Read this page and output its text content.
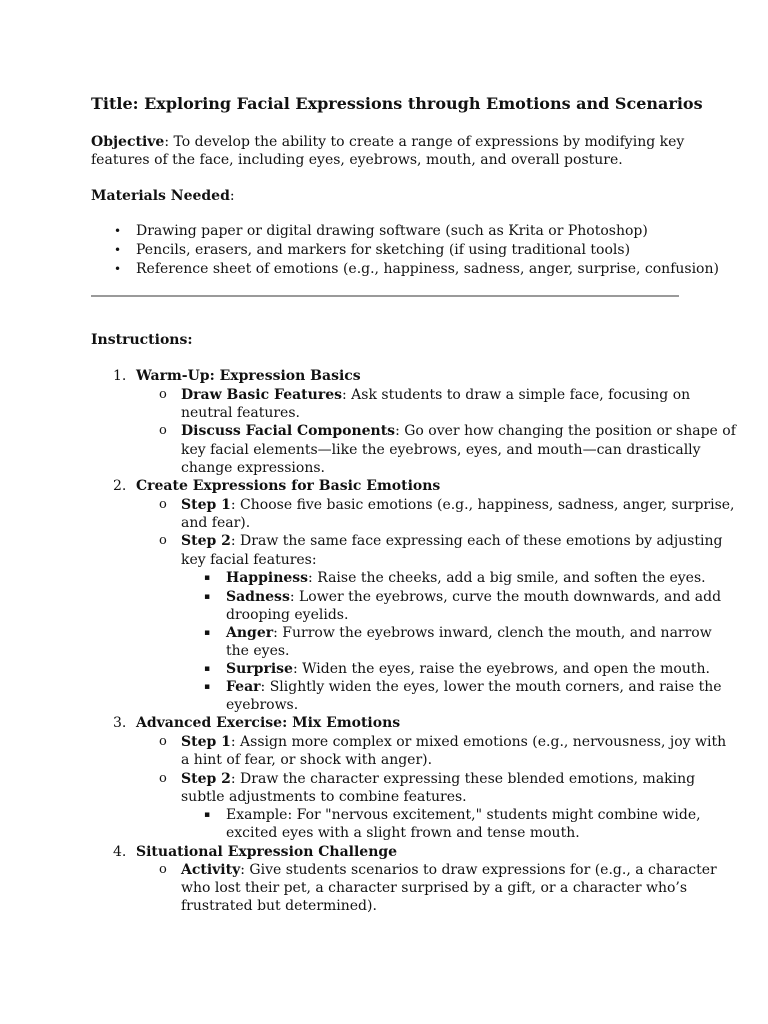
Title: Exploring Facial Expressions through Emotions and Scenarios
Objective: To develop the ability to create a range of expressions by modifying key
features of the face, including eyes, eyebrows, mouth, and overall posture.
Materials Needed:
• Drawing paper or digital drawing software (such as Krita or Photoshop)
• Pencils, erasers, and markers for sketching (if using traditional tools)
• Reference sheet of emotions (e.g., happiness, sadness, anger, surprise, confusion)
Instructions:
1. Warm-Up: Expression Basics
o Draw Basic Features: Ask students to draw a simple face, focusing on
neutral features.
o Discuss Facial Components: Go over how changing the position or shape of
key facial elements—like the eyebrows, eyes, and mouth—can drastically
change expressions.
2. Create Expressions for Basic Emotions
o Step 1: Choose five basic emotions (e.g., happiness, sadness, anger, surprise,
and fear).
o Step 2: Draw the same face expressing each of these emotions by adjusting
key facial features:
▪ Happiness: Raise the cheeks, add a big smile, and soften the eyes.
▪ Sadness: Lower the eyebrows, curve the mouth downwards, and add
drooping eyelids.
▪ Anger: Furrow the eyebrows inward, clench the mouth, and narrow
the eyes.
▪ Surprise: Widen the eyes, raise the eyebrows, and open the mouth.
▪ Fear: Slightly widen the eyes, lower the mouth corners, and raise the
eyebrows.
3. Advanced Exercise: Mix Emotions
o Step 1: Assign more complex or mixed emotions (e.g., nervousness, joy with
a hint of fear, or shock with anger).
o Step 2: Draw the character expressing these blended emotions, making
subtle adjustments to combine features.
▪ Example: For "nervous excitement," students might combine wide,
excited eyes with a slight frown and tense mouth.
4. Situational Expression Challenge
o Activity: Give students scenarios to draw expressions for (e.g., a character
who lost their pet, a character surprised by a gift, or a character who’s
frustrated but determined).
